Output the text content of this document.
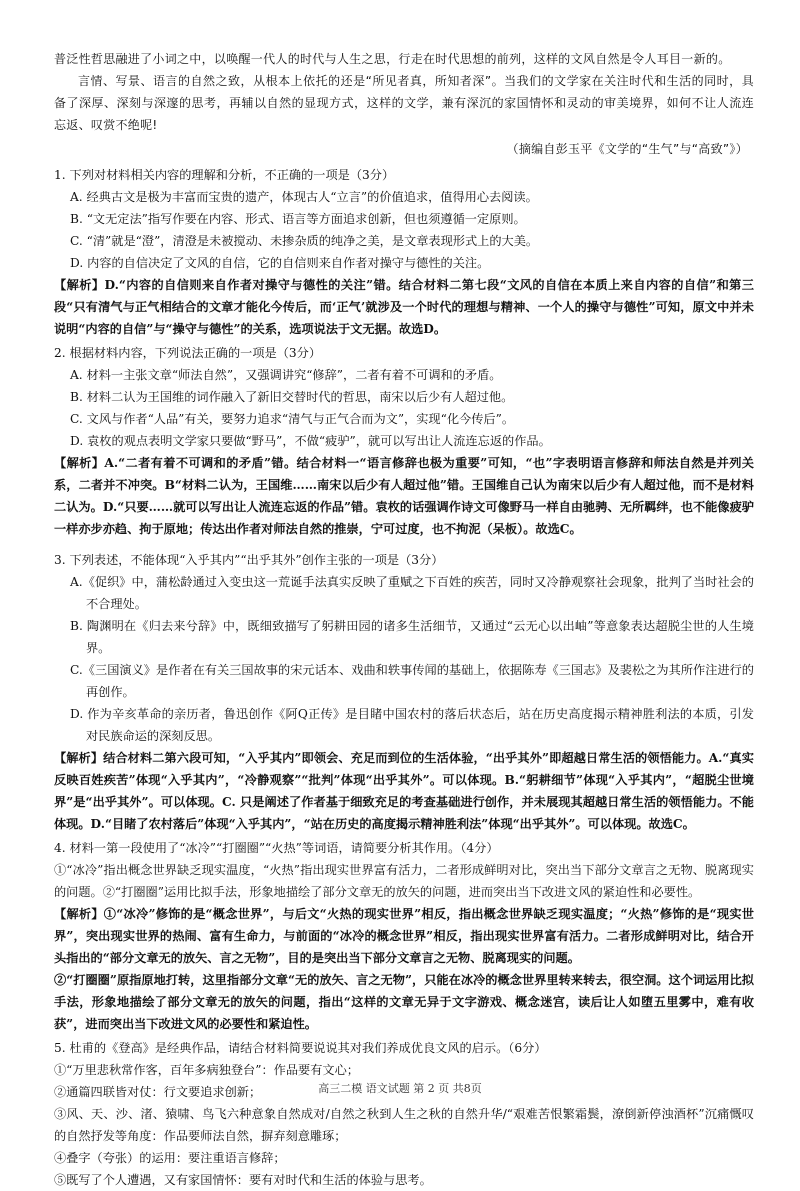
普泛性哲思融进了小词之中，以唤醒一代人的时代与人生之思，行走在时代思想的前列，这样的文风自然是令人耳目一新的。

言情、写景、语言的自然之致，从根本上依托的还是“所见者真，所知者深”。当我们的文学家在关注时代和生活的同时，具备了深厚、深刻与深邃的思考，再辅以自然的显现方式，这样的文学，兼有深沉的家国情怀和灵动的审美境界，如何不让人流连忘返、叹赏不绝呢!

（摘编自彭玉平《文学的“生气”与“高致”》）

1. 下列对材料相关内容的理解和分析，不正确的一项是（3分）

A. 经典古文是极为丰富而宝贵的遗产，体现古人“立言”的价值追求，值得用心去阅读。

B. “文无定法”指写作要在内容、形式、语言等方面追求创新，但也须遵循一定原则。

C. “清”就是“澄”，清澄是未被搅动、未掺杂质的纯净之美，是文章表现形式上的大美。

D. 内容的自信决定了文风的自信，它的自信则来自作者对操守与德性的关注。

【解析】D.“内容的自信则来自作者对操守与德性的关注”错。结合材料二第七段“文风的自信在本质上来自内容的自信”和第三段“只有清气与正气相结合的文章才能化今传后，而‘正气’就涉及一个时代的理想与精神、一个人的操守与德性”可知，原文中并未说明“内容的自信”与“操守与德性”的关系，选项说法于文无据。故选D。

2. 根据材料内容，下列说法正确的一项是（3分）

A. 材料一主张文章“师法自然”，又强调讲究“修辞”，二者有着不可调和的矛盾。

B. 材料二认为王国维的词作融入了新旧交替时代的哲思，南宋以后少有人超过他。

C. 文风与作者“人品”有关，要努力追求“清气与正气合而为文”，实现“化今传后”。

D. 袁枚的观点表明文学家只要做“野马”，不做“疲驴”，就可以写出让人流连忘返的作品。

【解析】A.“二者有着不可调和的矛盾”错。结合材料一“语言修辞也极为重要”可知，“也”字表明语言修辞和师法自然是并列关系，二者并不冲突。B“材料二认为，王国维……南宋以后少有人超过他”错。王国维自己认为南宋以后少有人超过他，而不是材料二认为。D.“只要……就可以写出让人流连忘返的作品”错。袁枚的话强调作诗文可像野马一样自由驰骋、无所羁绊，也不能像疲驴一样亦步亦趋、拘于原地；传达出作者对师法自然的推崇，宁可过度，也不拘泥（呆板）。故选C。

3. 下列表述，不能体现“入乎其内”“出乎其外”创作主张的一项是（3分）

A.《促织》中，蒲松龄通过入变虫这一荒诞手法真实反映了重赋之下百姓的疾苦，同时又冷静观察社会现象，批判了当时社会的不合理处。

B. 陶渊明在《归去来兮辞》中，既细致描写了躬耕田园的诸多生活细节，又通过“云无心以出岫”等意象表达超脱尘世的人生境界。

C.《三国演义》是作者在有关三国故事的宋元话本、戏曲和轶事传闻的基础上，依据陈寿《三国志》及裴松之为其所作注进行的再创作。

D. 作为辛亥革命的亲历者，鲁迅创作《阿Q正传》是目睹中国农村的落后状态后，站在历史高度揭示精神胜利法的本质，引发对民族命运的深刻反思。

【解析】结合材料二第六段可知，“入乎其内”即领会、充足而到位的生活体验，“出乎其外”即超越日常生活的领悟能力。A.“真实反映百姓疾苦”体现“入乎其内”，“冷静观察”“批判”体现“出乎其外”。可以体现。B.“躬耕细节”体现“入乎其内”，“超脱尘世境界”是“出乎其外”。可以体现。C. 只是阐述了作者基于细致充足的考查基础进行创作，并未展现其超越日常生活的领悟能力。不能体现。D.“目睹了农村落后”体现“入乎其内”，“站在历史的高度揭示精神胜利法”体现“出乎其外”。可以体现。故选C。

4. 材料一第一段使用了“冰冷”“打圈圈”“火热”等词语，请简要分析其作用。（4分）

①“冰冷”指出概念世界缺乏现实温度，“火热”指出现实世界富有活力，二者形成鲜明对比，突出当下部分文章言之无物、脱离现实的问题。②“打圈圈”运用比拟手法，形象地描绘了部分文章无的放矢的问题，进而突出当下改进文风的紧迫性和必要性。

【解析】①“冰冷”修饰的是“概念世界”，与后文“火热的现实世界”相反，指出概念世界缺乏现实温度；“火热”修饰的是“现实世界”，突出现实世界的热闹、富有生命力，与前面的“冰冷的概念世界”相反，指出现实世界富有活力。二者形成鲜明对比，结合开头指出的“部分文章无的放矢、言之无物”，目的是突出当下部分文章言之无物、脱离现实的问题。

②“打圈圈”原指原地打转，这里指部分文章“无的放矢、言之无物”，只能在冰冷的概念世界里转来转去，很空洞。这个词运用比拟手法，形象地描绘了部分文章无的放矢的问题，指出“这样的文章无异于文字游戏、概念迷宫，读后让人如堕五里雾中，难有收获”，进而突出当下改进文风的必要性和紧迫性。

5. 杜甫的《登高》是经典作品，请结合材料简要说说其对我们养成优良文风的启示。（6分）

①“万里悲秋常作客，百年多病独登台”：作品要有文心；

②通篇四联皆对仗：行文要追求创新；

③风、天、沙、渚、猿啸、鸟飞六种意象自然成对/自然之秋到人生之秋的自然升华/“艰难苦恨繁霜鬓，潦倒新停浊酒杯”沉痛慨叹的自然抒发等角度：作品要师法自然，摒弃刻意雕琢；

④叠字（夸张）的运用：要注重语言修辞；

⑤既写了个人遭遇，又有家国情怀：要有对时代和生活的体验与思考。

高三二模 语文试题 第 2 页 共8页
